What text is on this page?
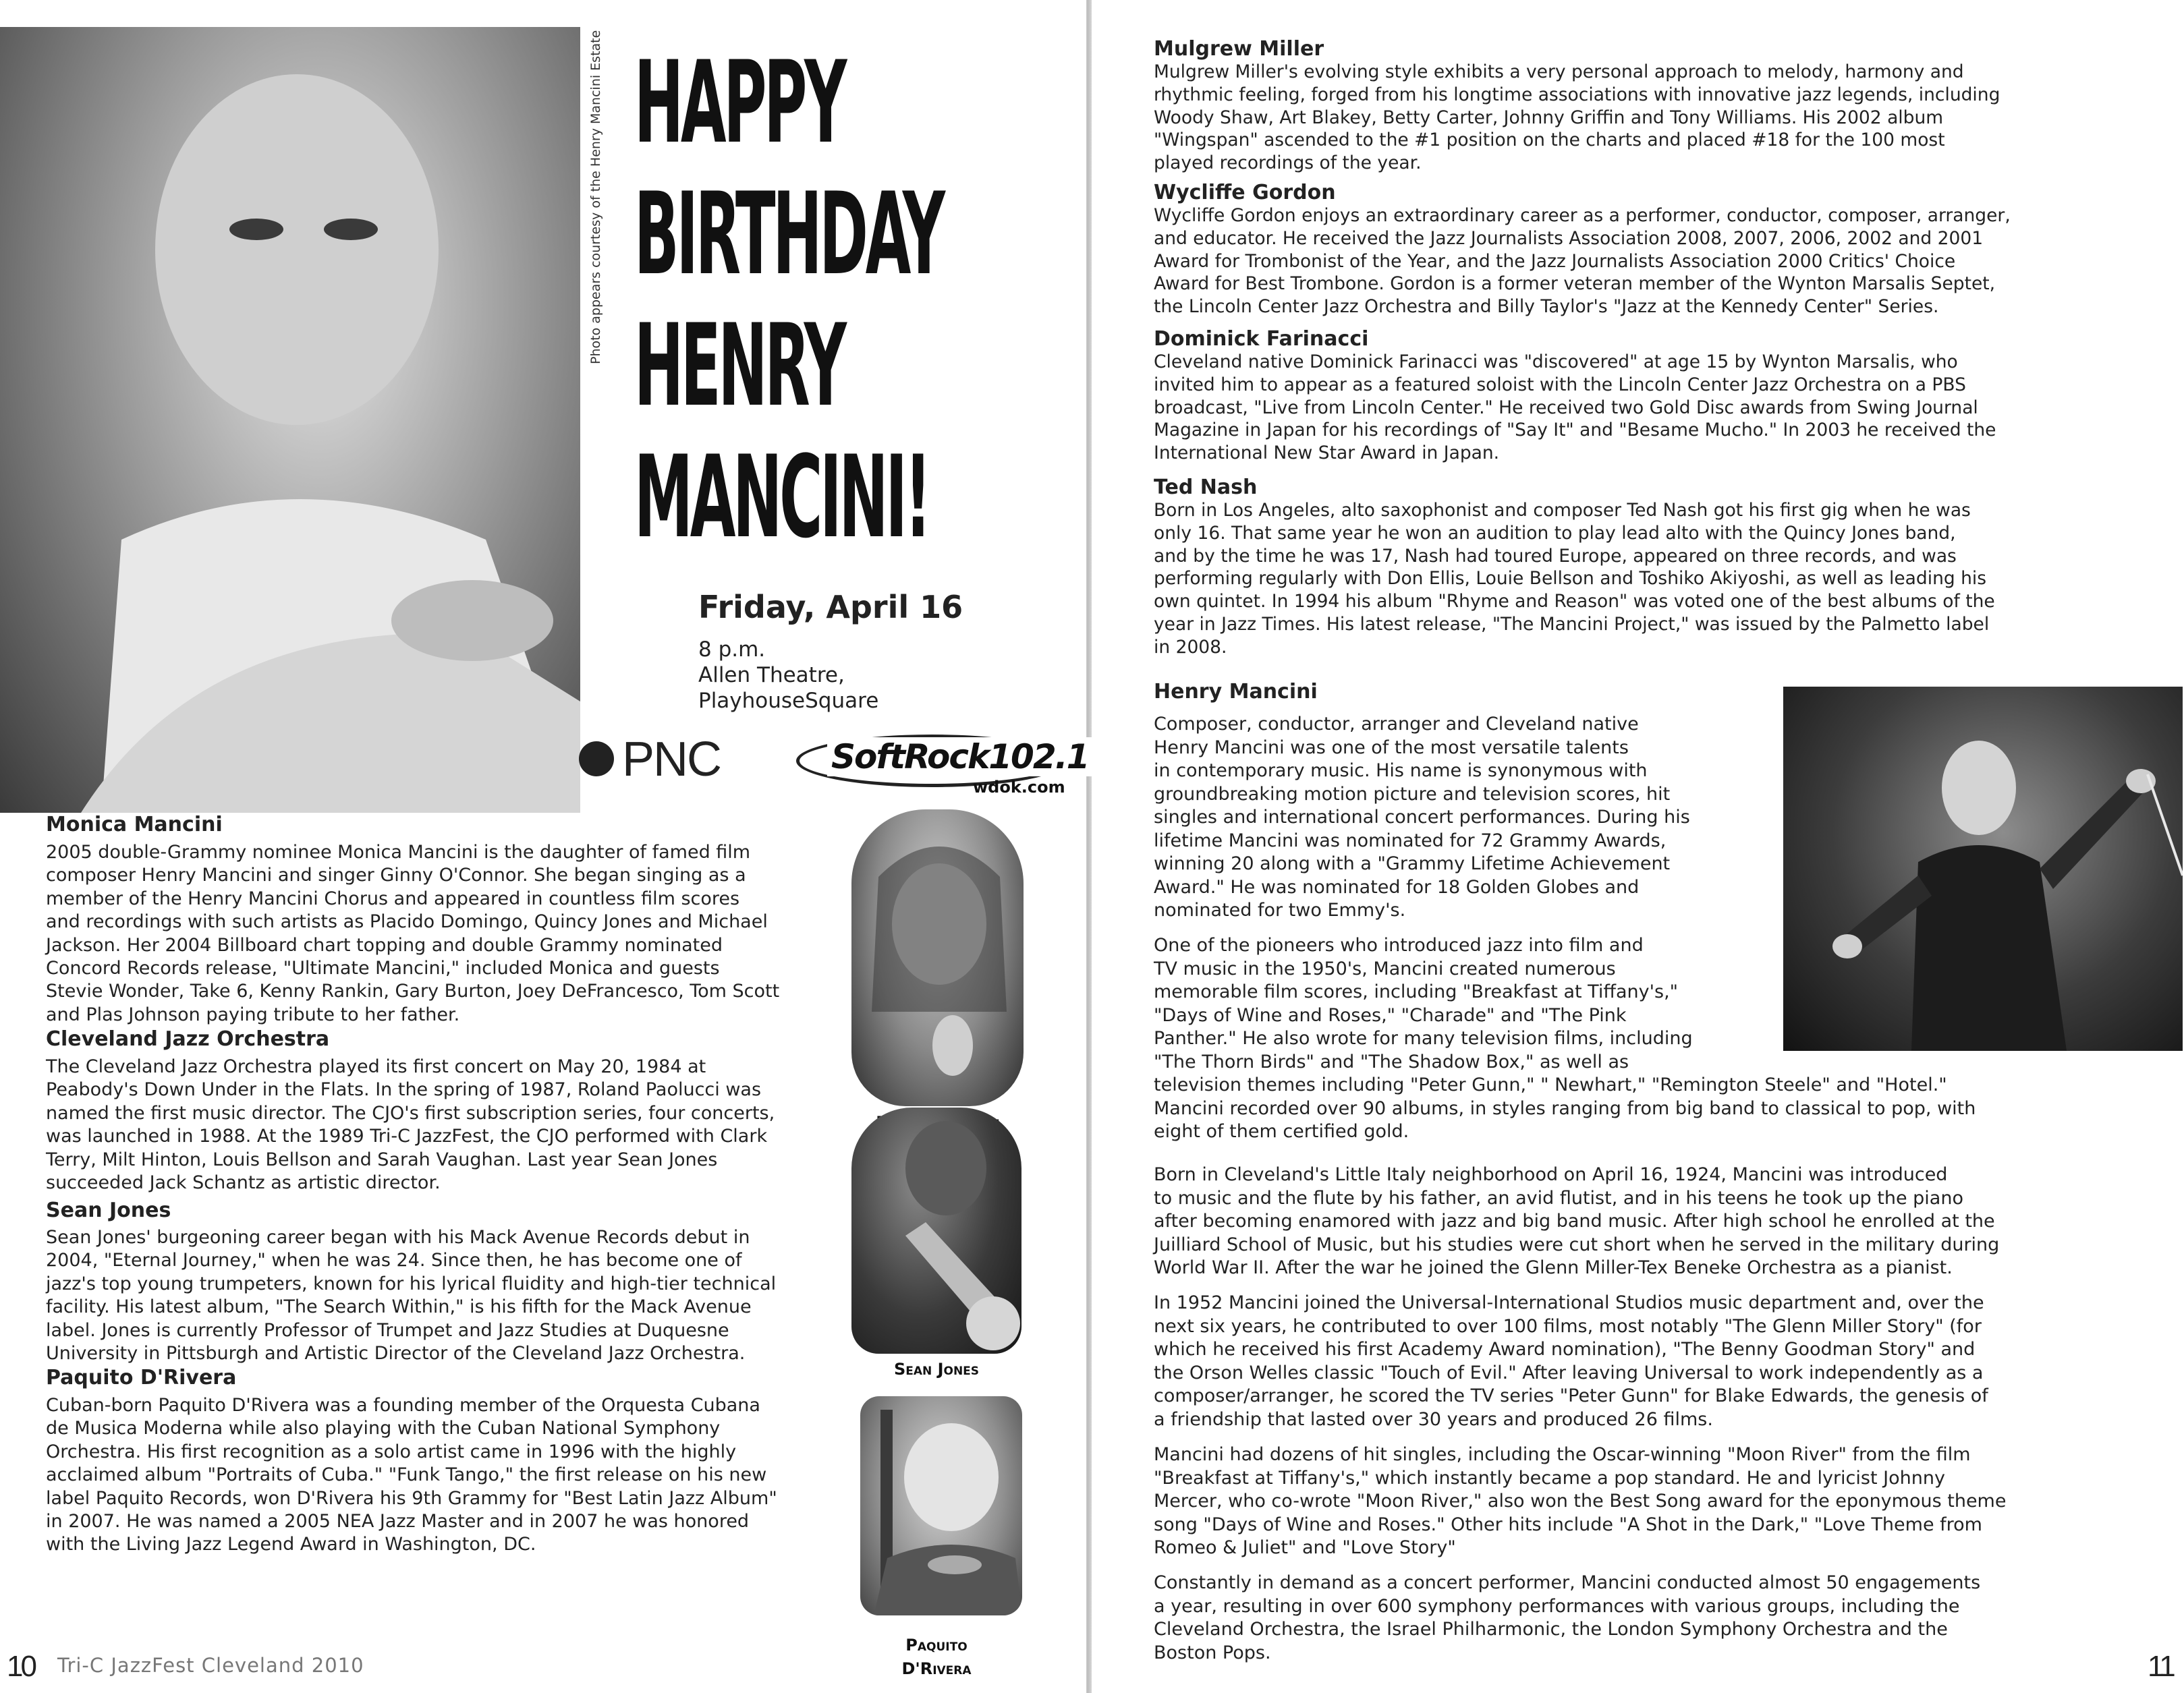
Photo appears courtesy of the Henry Mancini Estate HAPPY
BIRTHDAY
HENRY
MANCINI!
Friday, April 16
8 p.m.
Allen Theatre,
PlayhouseSquare
PNC	SoftRock102.1
wdok.com
Monica Mancini
2005 double-Grammy nominee Monica Mancini is the daughter of famed film
composer Henry Mancini and singer Ginny O'Connor. She began singing as a
member of the Henry Mancini Chorus and appeared in countless film scores
and recordings with such artists as Placido Domingo, Quincy Jones and Michael
Jackson. Her 2004 Billboard chart topping and double Grammy nominated
Concord Records release, "Ultimate Mancini," included Monica and guests
Stevie Wonder, Take 6, Kenny Rankin, Gary Burton, Joey DeFrancesco, Tom Scott
and Plas Johnson paying tribute to her father.
Cleveland Jazz Orchestra
The Cleveland Jazz Orchestra played its first concert on May 20, 1984 at
Peabody's Down Under in the Flats. In the spring of 1987, Roland Paolucci was
named the first music director. The CJO's first subscription series, four concerts,
was launched in 1988. At the 1989 Tri-C JazzFest, the CJO performed with Clark
Terry, Milt Hinton, Louis Bellson and Sarah Vaughan. Last year Sean Jones
succeeded Jack Schantz as artistic director.
Sean Jones
Sean Jones' burgeoning career began with his Mack Avenue Records debut in
2004, "Eternal Journey," when he was 24. Since then, he has become one of
jazz's top young trumpeters, known for his lyrical fluidity and high-tier technical
facility. His latest album, "The Search Within," is his fifth for the Mack Avenue
label. Jones is currently Professor of Trumpet and Jazz Studies at Duquesne
University in Pittsburgh and Artistic Director of the Cleveland Jazz Orchestra.
Paquito D'Rivera
Cuban-born Paquito D'Rivera was a founding member of the Orquesta Cubana
de Musica Moderna while also playing with the Cuban National Symphony
Orchestra. His first recognition as a solo artist came in 1996 with the highly
acclaimed album "Portraits of Cuba." "Funk Tango," the first release on his new
label Paquito Records, won D'Rivera his 9th Grammy for "Best Latin Jazz Album"
in 2007. He was named a 2005 NEA Jazz Master and in 2007 he was honored
with the Living Jazz Legend Award in Washington, DC.
Sean Jones
Paquito
D'Rivera
10 Tri-C JazzFest Cleveland 2010
Mulgrew Miller
Mulgrew Miller's evolving style exhibits a very personal approach to melody, harmony and
rhythmic feeling, forged from his longtime associations with innovative jazz legends, including
Woody Shaw, Art Blakey, Betty Carter, Johnny Griffin and Tony Williams. His 2002 album
"Wingspan" ascended to the #1 position on the charts and placed #18 for the 100 most
played recordings of the year.
Wycliffe Gordon
Wycliffe Gordon enjoys an extraordinary career as a performer, conductor, composer, arranger,
and educator. He received the Jazz Journalists Association 2008, 2007, 2006, 2002 and 2001
Award for Trombonist of the Year, and the Jazz Journalists Association 2000 Critics' Choice
Award for Best Trombone. Gordon is a former veteran member of the Wynton Marsalis Septet,
the Lincoln Center Jazz Orchestra and Billy Taylor's "Jazz at the Kennedy Center" Series.
Dominick Farinacci
Cleveland native Dominick Farinacci was "discovered" at age 15 by Wynton Marsalis, who
invited him to appear as a featured soloist with the Lincoln Center Jazz Orchestra on a PBS
broadcast, "Live from Lincoln Center." He received two Gold Disc awards from Swing Journal
Magazine in Japan for his recordings of "Say It" and "Besame Mucho." In 2003 he received the
International New Star Award in Japan.
Ted Nash
Born in Los Angeles, alto saxophonist and composer Ted Nash got his first gig when he was
only 16. That same year he won an audition to play lead alto with the Quincy Jones band,
and by the time he was 17, Nash had toured Europe, appeared on three records, and was
performing regularly with Don Ellis, Louie Bellson and Toshiko Akiyoshi, as well as leading his
own quintet. In 1994 his album "Rhyme and Reason" was voted one of the best albums of the
year in Jazz Times. His latest release, "The Mancini Project," was issued by the Palmetto label
in 2008.
Henry Mancini
Composer, conductor, arranger and Cleveland native
Henry Mancini was one of the most versatile talents
in contemporary music. His name is synonymous with
groundbreaking motion picture and television scores, hit
singles and international concert performances. During his
lifetime Mancini was nominated for 72 Grammy Awards,
winning 20 along with a "Grammy Lifetime Achievement
Award." He was nominated for 18 Golden Globes and
nominated for two Emmy's.
One of the pioneers who introduced jazz into film and
TV music in the 1950's, Mancini created numerous
memorable film scores, including "Breakfast at Tiffany's,"
"Days of Wine and Roses," "Charade" and "The Pink
Panther." He also wrote for many television films, including
"The Thorn Birds" and "The Shadow Box," as well as
television themes including "Peter Gunn," " Newhart," "Remington Steele" and "Hotel."
Mancini recorded over 90 albums, in styles ranging from big band to classical to pop, with
eight of them certified gold.
Born in Cleveland's Little Italy neighborhood on April 16, 1924, Mancini was introduced
to music and the flute by his father, an avid flutist, and in his teens he took up the piano
after becoming enamored with jazz and big band music. After high school he enrolled at the
Juilliard School of Music, but his studies were cut short when he served in the military during
World War II. After the war he joined the Glenn Miller-Tex Beneke Orchestra as a pianist.
In 1952 Mancini joined the Universal-International Studios music department and, over the
next six years, he contributed to over 100 films, most notably "The Glenn Miller Story" (for
which he received his first Academy Award nomination), "The Benny Goodman Story" and
the Orson Welles classic "Touch of Evil." After leaving Universal to work independently as a
composer/arranger, he scored the TV series "Peter Gunn" for Blake Edwards, the genesis of
a friendship that lasted over 30 years and produced 26 films.
Mancini had dozens of hit singles, including the Oscar-winning "Moon River" from the film
"Breakfast at Tiffany's," which instantly became a pop standard. He and lyricist Johnny
Mercer, who co-wrote "Moon River," also won the Best Song award for the eponymous theme
song "Days of Wine and Roses." Other hits include "A Shot in the Dark," "Love Theme from
Romeo & Juliet" and "Love Story"
Constantly in demand as a concert performer, Mancini conducted almost 50 engagements
a year, resulting in over 600 symphony performances with various groups, including the
Cleveland Orchestra, the Israel Philharmonic, the London Symphony Orchestra and the
Boston Pops.	11
